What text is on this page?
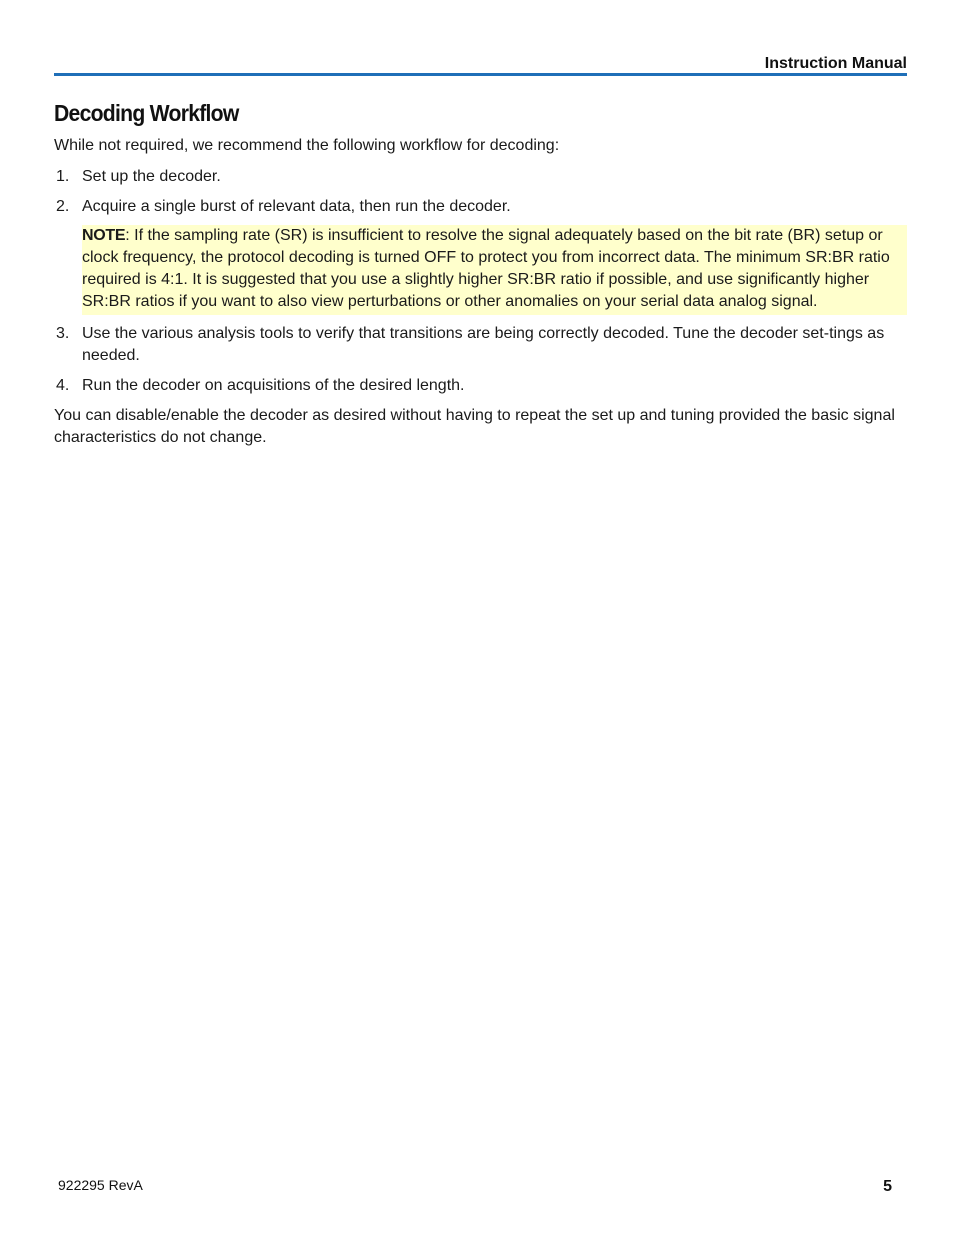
Instruction Manual
Decoding Workflow

While not required, we recommend the following workflow for decoding:

1. Set up the decoder.
2. Acquire a single burst of relevant data, then run the decoder.
NOTE: If the sampling rate (SR) is insufficient to resolve the signal adequately based on the bit rate (BR) setup or clock frequency, the protocol decoding is turned OFF to protect you from incorrect data. The minimum SR:BR ratio required is 4:1. It is suggested that you use a slightly higher SR:BR ratio if possible, and use significantly higher SR:BR ratios if you want to also view perturbations or other anomalies on your serial data analog signal.
3. Use the various analysis tools to verify that transitions are being correctly decoded. Tune the decoder set-tings as needed.
4. Run the decoder on acquisitions of the desired length.

You can disable/enable the decoder as desired without having to repeat the set up and tuning provided the basic signal characteristics do not change.

922295 RevA	5
